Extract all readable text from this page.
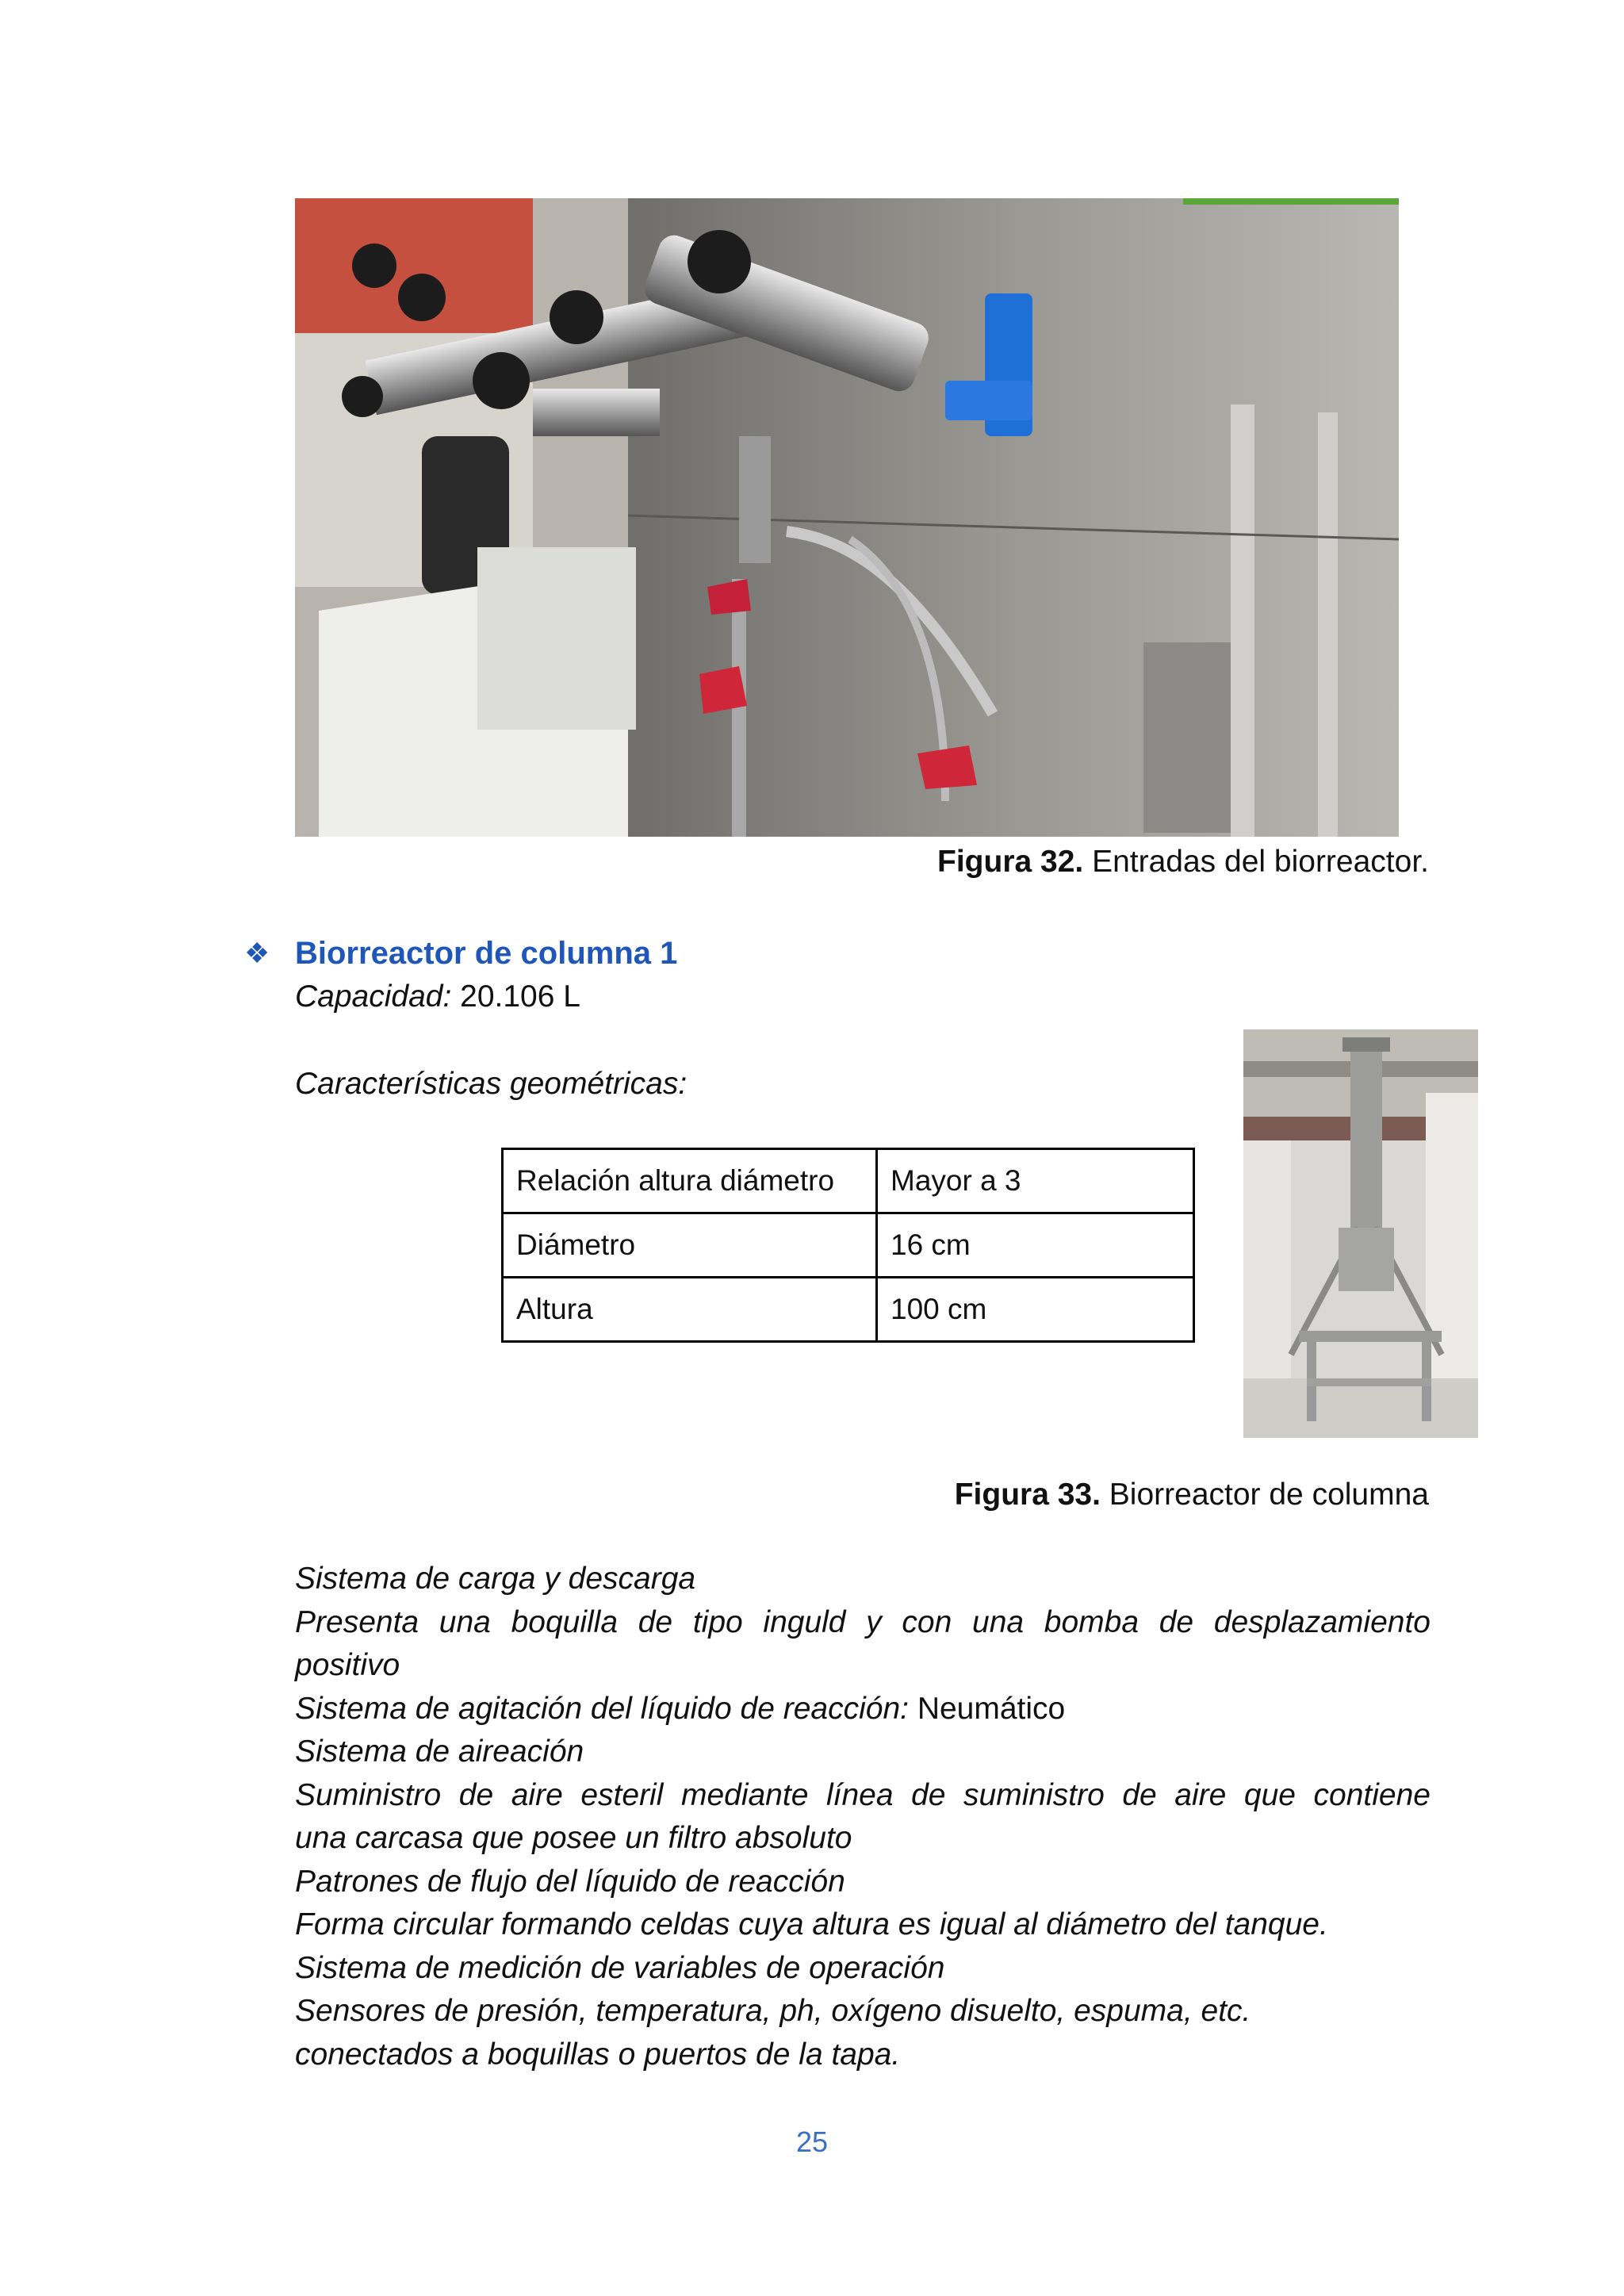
Figura 32. Entradas del biorreactor.
❖ Biorreactor de columna 1
Capacidad: 20.106 L
Características geométricas:
Relación altura diámetro	Mayor a 3
Diámetro	16 cm
Altura	100 cm
Figura 33. Biorreactor de columna
Sistema de carga y descarga
Presenta una boquilla de tipo inguld y con una bomba de desplazamiento
positivo
Sistema de agitación del líquido de reacción: Neumático
Sistema de aireación
Suministro de aire esteril mediante línea de suministro de aire que contiene
una carcasa que posee un filtro absoluto
Patrones de flujo del líquido de reacción
Forma circular formando celdas cuya altura es igual al diámetro del tanque.
Sistema de medición de variables de operación
Sensores de presión, temperatura, ph, oxígeno disuelto, espuma, etc.
conectados a boquillas o puertos de la tapa.
25
